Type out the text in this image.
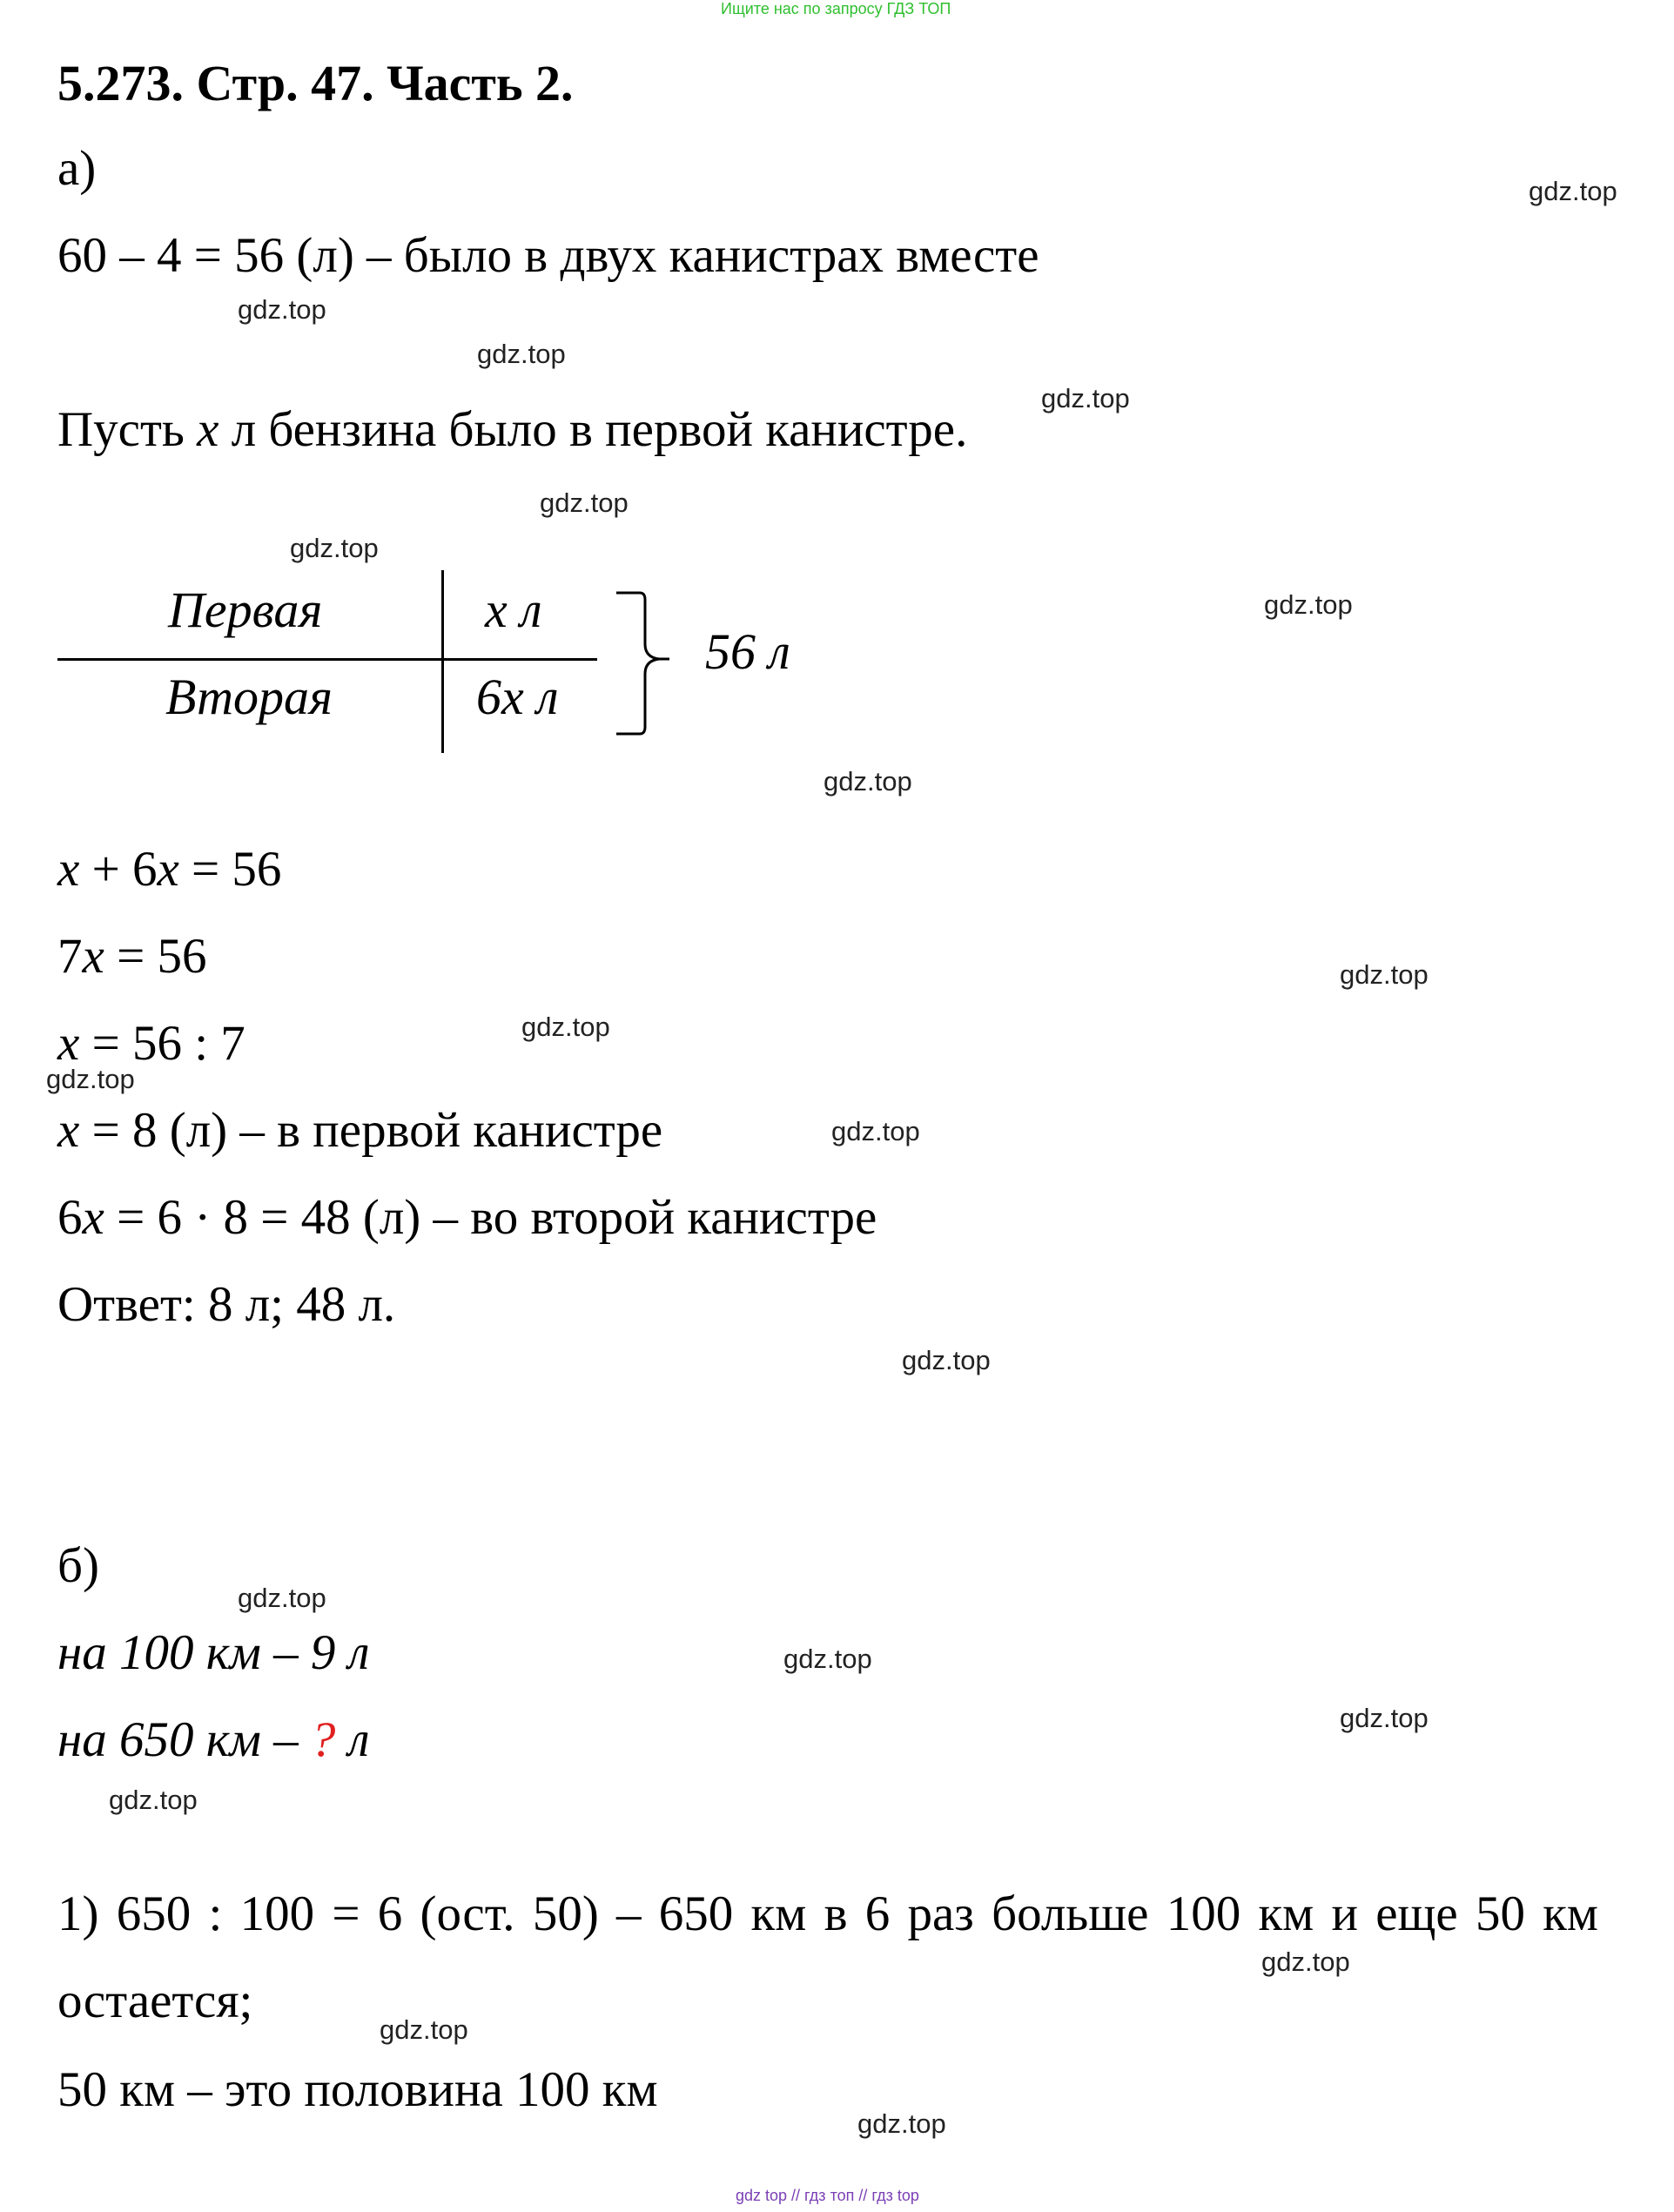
Ищите нас по запросу ГДЗ ТОП
5.273. Стр. 47. Часть 2.
а)
60 – 4 = 56 (л) – было в двух канистрах вместе
Пусть x л бензина было в первой канистре.
Первая	x л
Вторая	6x л
56 л
x + 6x = 56
7x = 56
x = 56 : 7
x = 8 (л) – в первой канистре
6x = 6 · 8 = 48 (л) – во второй канистре
Ответ: 8 л; 48 л.
б)
на 100 км – 9 л
на 650 км – ? л
1) 650 : 100 = 6 (ост. 50) – 650 км в 6 раз больше 100 км и еще 50 км
остается;
50 км – это половина 100 км
gdz.top
gdz.top
gdz.top
gdz.top
gdz.top
gdz.top
gdz.top
gdz.top
gdz.top
gdz.top
gdz.top
gdz.top
gdz.top
gdz.top
gdz.top
gdz.top
gdz.top
gdz.top
gdz.top
gdz.top
gdz top // гдз топ // гдз top
